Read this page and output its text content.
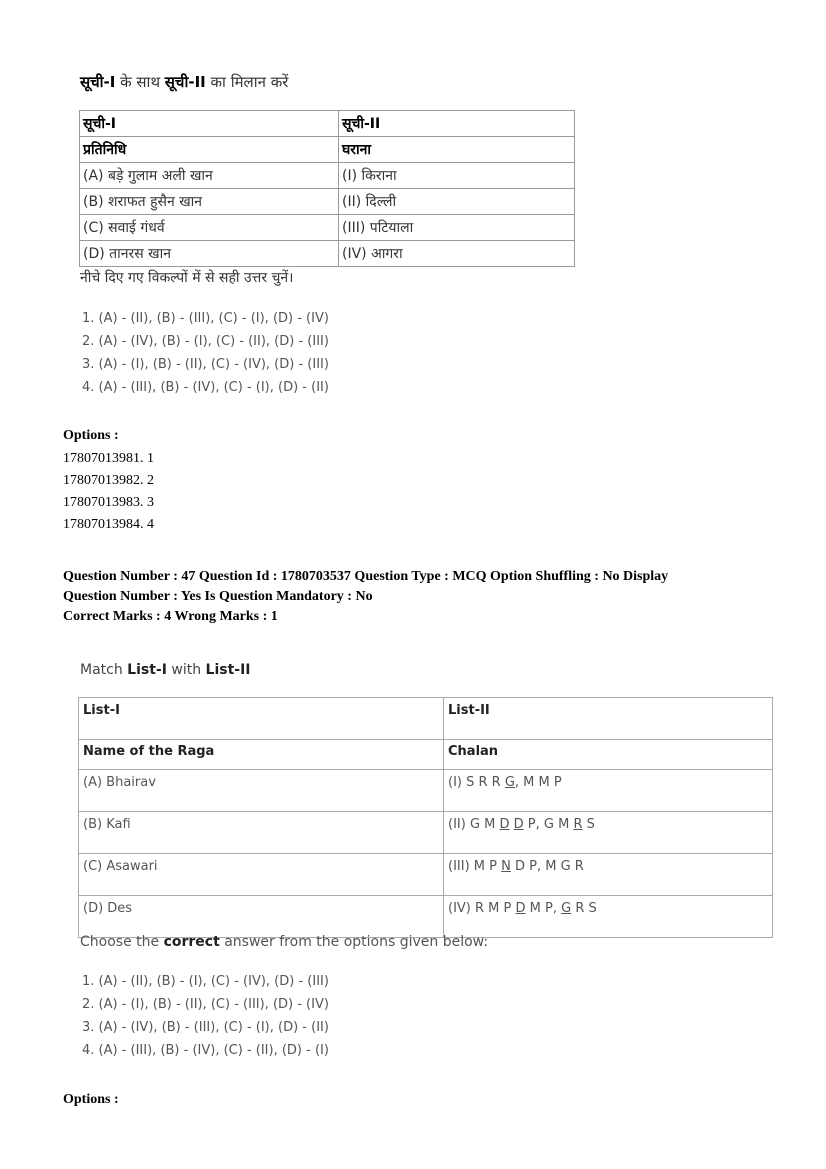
सूची-I के साथ सूची-II का मिलान करें
सूची-I	सूची-II
प्रतिनिधि	घराना
(A) बड़े गुलाम अली खान	(I) किराना
(B) शराफत हुसैन खान	(II) दिल्ली
(C) सवाई गंधर्व	(III) पटियाला
(D) तानरस खान	(IV) आगरा
नीचे दिए गए विकल्पों में से सही उत्तर चुनें।
1. (A) - (II), (B) - (III), (C) - (I), (D) - (IV)
2. (A) - (IV), (B) - (I), (C) - (II), (D) - (III)
3. (A) - (I), (B) - (II), (C) - (IV), (D) - (III)
4. (A) - (III), (B) - (IV), (C) - (I), (D) - (II)
Options :
17807013981. 1
17807013982. 2
17807013983. 3
17807013984. 4
Question Number : 47 Question Id : 1780703537 Question Type : MCQ Option Shuffling : No Display
Question Number : Yes Is Question Mandatory : No
Correct Marks : 4 Wrong Marks : 1
Match List-I with List-II
List-I	List-II
Name of the Raga	Chalan
(A) Bhairav	(I) S R R G, M M P
(B) Kafi	(II) G M D D P, G M R S
(C) Asawari	(III) M P N D P, M G R
(D) Des	(IV) R M P D M P, G R S
Choose the correct answer from the options given below:
1. (A) - (II), (B) - (I), (C) - (IV), (D) - (III)
2. (A) - (I), (B) - (II), (C) - (III), (D) - (IV)
3. (A) - (IV), (B) - (III), (C) - (I), (D) - (II)
4. (A) - (III), (B) - (IV), (C) - (II), (D) - (I)
Options :
